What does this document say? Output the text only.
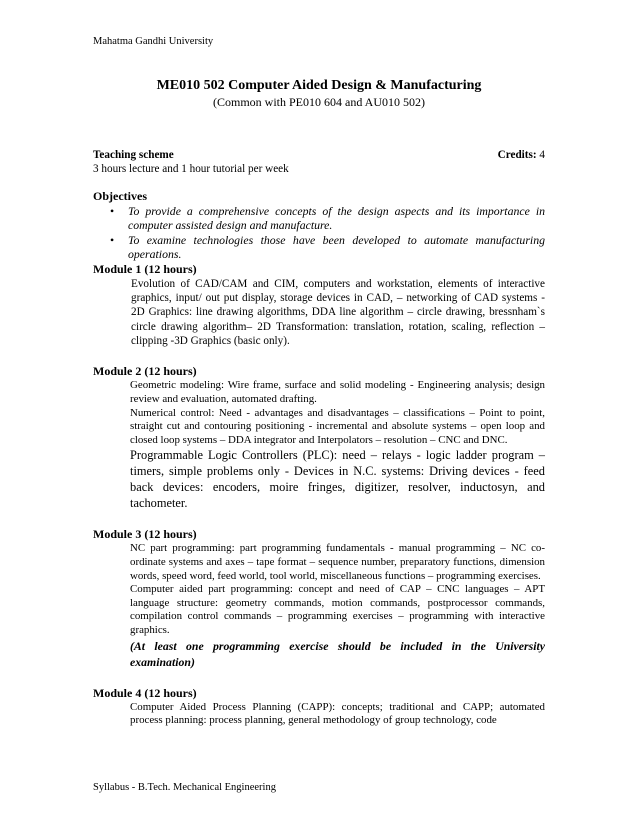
Mahatma Gandhi University
ME010 502 Computer Aided Design & Manufacturing
(Common with PE010 604 and AU010 502)
Teaching scheme	Credits: 4
3 hours lecture and 1 hour tutorial per week
Objectives
• To provide a comprehensive concepts of the design aspects and its importance in computer assisted design and manufacture.
• To examine technologies those have been developed to automate manufacturing operations.
Module 1 (12 hours)
Evolution of CAD/CAM and CIM, computers and workstation, elements of interactive graphics, input/ out put display, storage devices in CAD, – networking of CAD systems - 2D Graphics: line drawing algorithms, DDA line algorithm – circle drawing, bressnham`s circle drawing algorithm– 2D Transformation: translation, rotation, scaling, reflection – clipping -3D Graphics (basic only).
Module 2 (12 hours)
Geometric modeling: Wire frame, surface and solid modeling - Engineering analysis; design review and evaluation, automated drafting.
Numerical control: Need - advantages and disadvantages – classifications – Point to point, straight cut and contouring positioning - incremental and absolute systems – open loop and closed loop systems – DDA integrator and Interpolators – resolution – CNC and DNC.
Programmable Logic Controllers (PLC): need – relays - logic ladder program – timers, simple problems only - Devices in N.C. systems: Driving devices - feed back devices: encoders, moire fringes, digitizer, resolver, inductosyn, and tachometer.
Module 3 (12 hours)
NC part programming: part programming fundamentals - manual programming – NC co-ordinate systems and axes – tape format – sequence number, preparatory functions, dimension words, speed word, feed world, tool world, miscellaneous functions – programming exercises.
Computer aided part programming: concept and need of CAP – CNC languages – APT language structure: geometry commands, motion commands, postprocessor commands, compilation control commands – programming exercises – programming with interactive graphics.
(At least one programming exercise should be included in the University examination)
Module 4 (12 hours)
Computer Aided Process Planning (CAPP): concepts; traditional and CAPP; automated process planning: process planning, general methodology of group technology, code
Syllabus - B.Tech. Mechanical Engineering
